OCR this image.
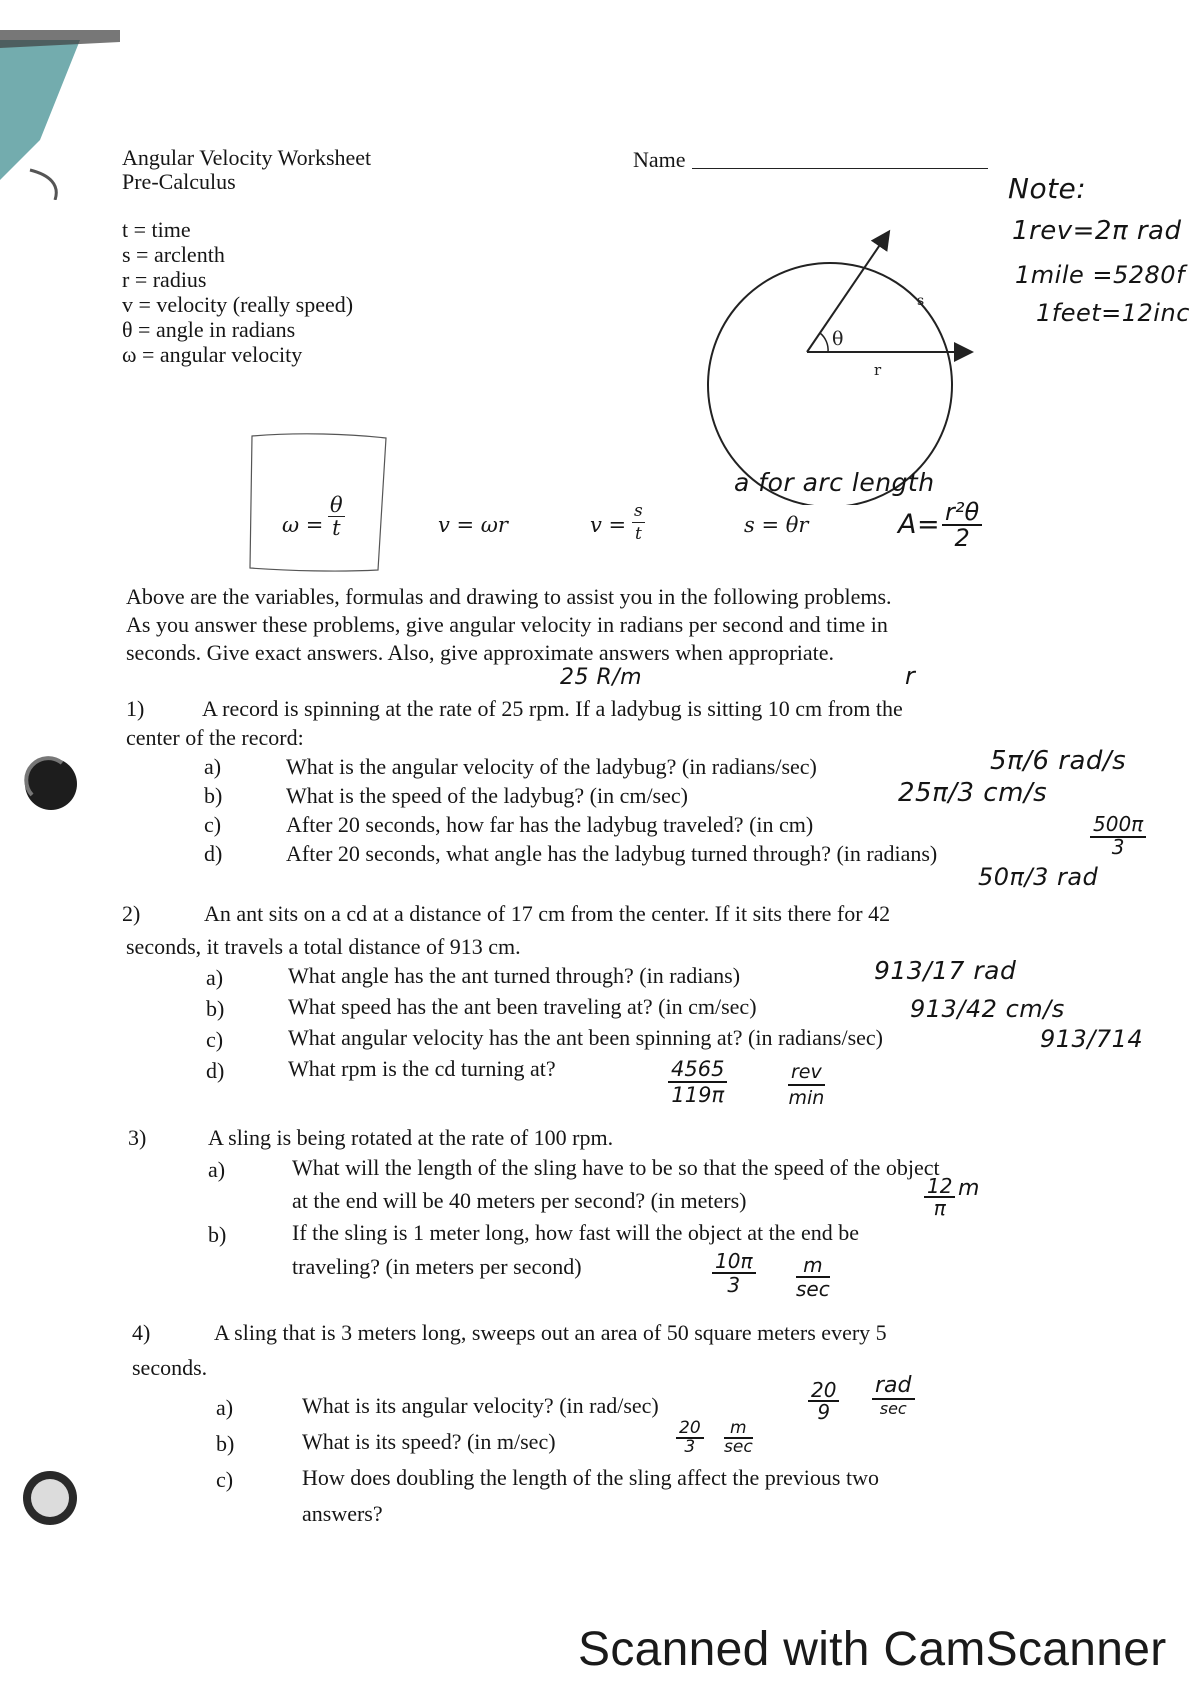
Angular Velocity Worksheet
Pre-Calculus
Name
t = time
s = arclenth
r = radius
v = velocity (really speed)
θ = angle in radians
ω = angular velocity
θ
s
r
Note:
1rev=2π rad
1mile =5280f
1feet=12inc
$\omega = \frac{\theta}{t}$	v = ωr	$v = \frac{s}{t}$
a for arc length
s = θr	$A= \frac{\text{r²θ}}{2}$
Above are the variables, formulas and drawing to assist you in the following problems.
As you answer these problems, give angular velocity in radians per second and time in
seconds. Give exact answers. Also, give approximate answers when appropriate.
25 R/m	r
1)	A record is spinning at the rate of 25 rpm. If a ladybug is sitting 10 cm from the
center of the record:
a)	What is the angular velocity of the ladybug? (in radians/sec)	5π/6 rad/s
b)	What is the speed of the ladybug? (in cm/sec)	25π/3 cm/s
c)	After 20 seconds, how far has the ladybug traveled? (in cm)	$\frac{500\pi}{3}$
d)	After 20 seconds, what angle has the ladybug turned through? (in radians)
50π/3 rad
2)	An ant sits on a cd at a distance of 17 cm from the center. If it sits there for 42
seconds, it travels a total distance of 913 cm.
a)	What angle has the ant turned through? (in radians)	913/17 rad
b)	What speed has the ant been traveling at? (in cm/sec)	913/42 cm/s
c)	What angular velocity has the ant been spinning at? (in radians/sec)	913/714
d)	What rpm is the cd turning at?	$\frac{4565}{119\pi}$	rev
min
3)	A sling is being rotated at the rate of 100 rpm.
a)	What will the length of the sling have to be so that the speed of the object
at the end will be 40 meters per second? (in meters)	$\frac{12}{\pi}$ m
b)	If the sling is 1 meter long, how fast will the object at the end be
traveling? (in meters per second)	$\frac{10\pi}{3}$	m
sec
4)	A sling that is 3 meters long, sweeps out an area of 50 square meters every 5
seconds.
a)	What is its angular velocity? (in rad/sec)	$\frac{20}{9}$ rad
sec
b)	What is its speed? (in m/sec)	$\frac{20}{3}$	m
sec
c)	How does doubling the length of the sling affect the previous two
answers?
Scanned with CamScanner
